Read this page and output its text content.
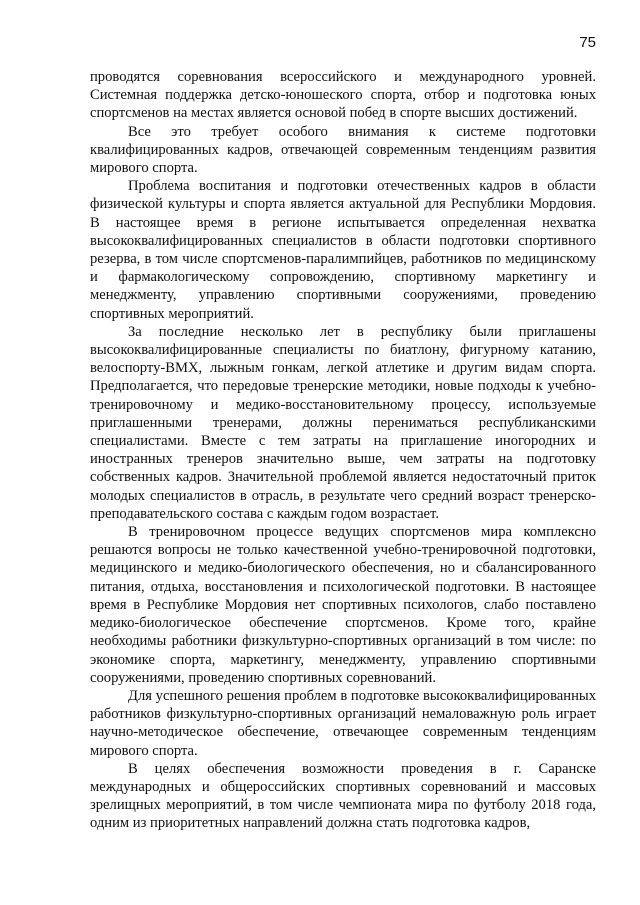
75

проводятся соревнования всероссийского и международного уровней. Системная поддержка детско-юношеского спорта, отбор и подготовка юных спортсменов на местах является основой побед в спорте высших достижений.

Все это требует особого внимания к системе подготовки квалифицированных кадров, отвечающей современным тенденциям развития мирового спорта.

Проблема воспитания и подготовки отечественных кадров в области физической культуры и спорта является актуальной для Республики Мордовия. В настоящее время в регионе испытывается определенная нехватка высококвалифицированных специалистов в области подготовки спортивного резерва, в том числе спортсменов-паралимпийцев, работников по медицинскому и фармакологическому сопровождению, спортивному маркетингу и менеджменту, управлению спортивными сооружениями, проведению спортивных мероприятий.

За последние несколько лет в республику были приглашены высококвалифицированные специалисты по биатлону, фигурному катанию, велоспорту-BMX, лыжным гонкам, легкой атлетике и другим видам спорта. Предполагается, что передовые тренерские методики, новые подходы к учебно-тренировочному и медико-восстановительному процессу, используемые приглашенными тренерами, должны перениматься республиканскими специалистами. Вместе с тем затраты на приглашение иногородних и иностранных тренеров значительно выше, чем затраты на подготовку собственных кадров. Значительной проблемой является недостаточный приток молодых специалистов в отрасль, в результате чего средний возраст тренерско-преподавательского состава с каждым годом возрастает.

В тренировочном процессе ведущих спортсменов мира комплексно решаются вопросы не только качественной учебно-тренировочной подготовки, медицинского и медико-биологического обеспечения, но и сбалансированного питания, отдыха, восстановления и психологической подготовки. В настоящее время в Республике Мордовия нет спортивных психологов, слабо поставлено медико-биологическое обеспечение спортсменов. Кроме того, крайне необходимы работники физкультурно-спортивных организаций в том числе: по экономике спорта, маркетингу, менеджменту, управлению спортивными сооружениями, проведению спортивных соревнований.

Для успешного решения проблем в подготовке высококвалифицированных работников физкультурно-спортивных организаций немаловажную роль играет научно-методическое обеспечение, отвечающее современным тенденциям мирового спорта.

В целях обеспечения возможности проведения в г. Саранске международных и общероссийских спортивных соревнований и массовых зрелищных мероприятий, в том числе чемпионата мира по футболу 2018 года, одним из приоритетных направлений должна стать подготовка кадров,
